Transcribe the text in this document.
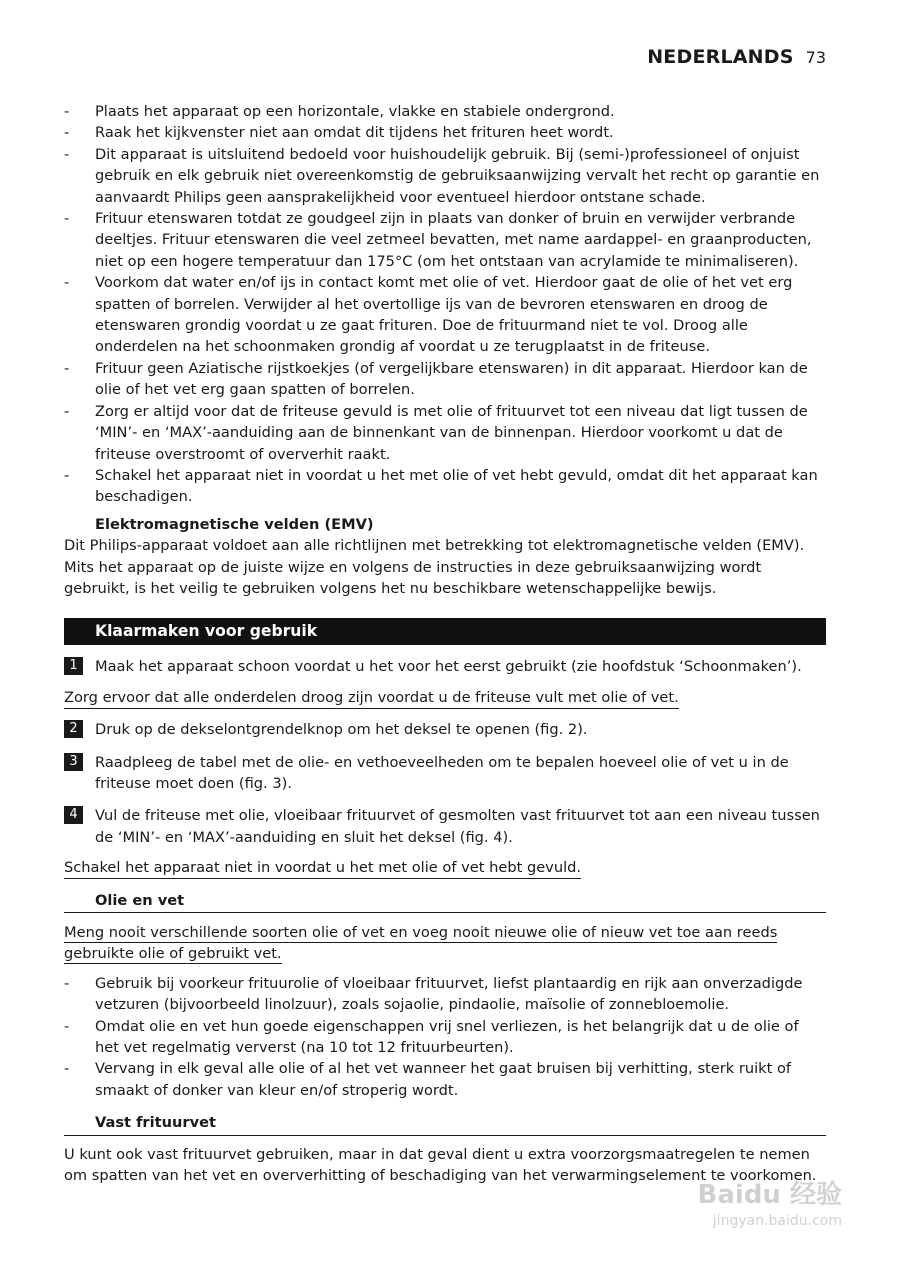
NEDERLANDS 73
- Plaats het apparaat op een horizontale, vlakke en stabiele ondergrond.
- Raak het kijkvenster niet aan omdat dit tijdens het frituren heet wordt.
- Dit apparaat is uitsluitend bedoeld voor huishoudelijk gebruik. Bij (semi-)professioneel of onjuist gebruik en elk gebruik niet overeenkomstig de gebruiksaanwijzing vervalt het recht op garantie en aanvaardt Philips geen aansprakelijkheid voor eventueel hierdoor ontstane schade.
- Frituur etenswaren totdat ze goudgeel zijn in plaats van donker of bruin en verwijder verbrande deeltjes. Frituur etenswaren die veel zetmeel bevatten, met name aardappel- en graanproducten, niet op een hogere temperatuur dan 175°C (om het ontstaan van acrylamide te minimaliseren).
- Voorkom dat water en/of ijs in contact komt met olie of vet. Hierdoor gaat de olie of het vet erg spatten of borrelen. Verwijder al het overtollige ijs van de bevroren etenswaren en droog de etenswaren grondig voordat u ze gaat frituren. Doe de frituurmand niet te vol. Droog alle onderdelen na het schoonmaken grondig af voordat u ze terugplaatst in de friteuse.
- Frituur geen Aziatische rijstkoekjes (of vergelijkbare etenswaren) in dit apparaat. Hierdoor kan de olie of het vet erg gaan spatten of borrelen.
- Zorg er altijd voor dat de friteuse gevuld is met olie of frituurvet tot een niveau dat ligt tussen de ‘MIN’- en ‘MAX’-aanduiding aan de binnenkant van de binnenpan. Hierdoor voorkomt u dat de friteuse overstroomt of oververhit raakt.
- Schakel het apparaat niet in voordat u het met olie of vet hebt gevuld, omdat dit het apparaat kan beschadigen.
Elektromagnetische velden (EMV)

Dit Philips-apparaat voldoet aan alle richtlijnen met betrekking tot elektromagnetische velden (EMV). Mits het apparaat op de juiste wijze en volgens de instructies in deze gebruiksaanwijzing wordt gebruikt, is het veilig te gebruiken volgens het nu beschikbare wetenschappelijke bewijs.

Klaarmaken voor gebruik
1	Maak het apparaat schoon voordat u het voor het eerst gebruikt (zie hoofdstuk ‘Schoonmaken’).
Zorg ervoor dat alle onderdelen droog zijn voordat u de friteuse vult met olie of vet.
2	Druk op de dekselontgrendelknop om het deksel te openen (fig. 2).
3	Raadpleeg de tabel met de olie- en vethoeveelheden om te bepalen hoeveel olie of vet u in de friteuse moet doen (fig. 3).
4	Vul de friteuse met olie, vloeibaar frituurvet of gesmolten vast frituurvet tot aan een niveau tussen de ‘MIN’- en ‘MAX’-aanduiding en sluit het deksel (fig. 4).
Schakel het apparaat niet in voordat u het met olie of vet hebt gevuld.
Olie en vet
Meng nooit verschillende soorten olie of vet en voeg nooit nieuwe olie of nieuw vet toe aan reeds gebruikte olie of gebruikt vet.
- Gebruik bij voorkeur frituurolie of vloeibaar frituurvet, liefst plantaardig en rijk aan onverzadigde vetzuren (bijvoorbeeld linolzuur), zoals sojaolie, pindaolie, maïsolie of zonnebloemolie.
- Omdat olie en vet hun goede eigenschappen vrij snel verliezen, is het belangrijk dat u de olie of het vet regelmatig ververst (na 10 tot 12 frituurbeurten).
- Vervang in elk geval alle olie of al het vet wanneer het gaat bruisen bij verhitting, sterk ruikt of smaakt of donker van kleur en/of stroperig wordt.
Vast frituurvet

U kunt ook vast frituurvet gebruiken, maar in dat geval dient u extra voorzorgsmaatregelen te nemen om spatten van het vet en oververhitting of beschadiging van het verwarmingselement te voorkomen.

Baidu 经验
jingyan.baidu.com
